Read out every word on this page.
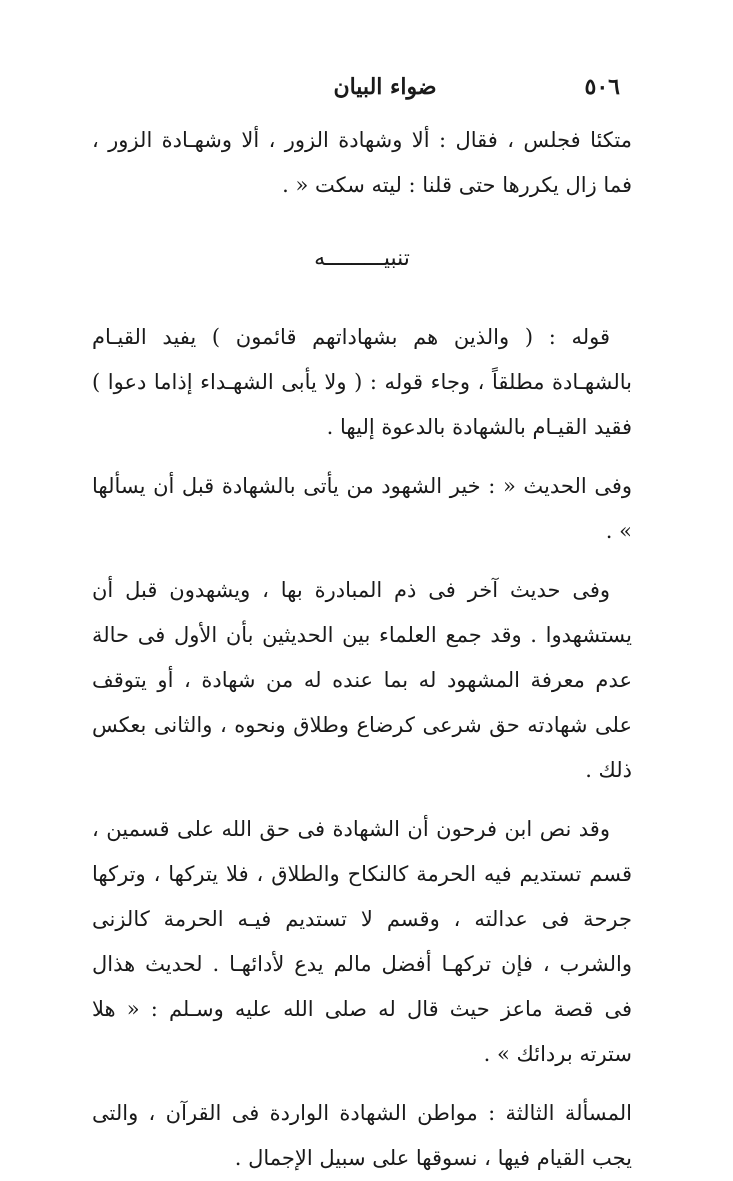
٥٠٦
ضواء البيان

متكئا فجلس ، فقال : ألا وشهادة الزور ، ألا وشهـادة الزور ، فما زال يكررها حتى قلنا : ليته سكت « .

تنبيـــــــــه

قوله : ( والذين هم بشهاداتهم قائمون ) يفيد القيـام بالشهـادة مطلقاً ، وجاء قوله : ( ولا يأبى الشهـداء إذاما دعوا ) فقيد القيـام بالشهادة بالدعوة إليها .

وفى الحديث « : خير الشهود من يأتى بالشهادة قبل أن يسألها » .

وفى حديث آخر فى ذم المبادرة بها ، ويشهدون قبل أن يستشهدوا . وقد جمع العلماء بين الحديثين بأن الأول فى حالة عدم معرفة المشهود له بما عنده له من شهادة ، أو يتوقف على شهادته حق شرعى كرضاع وطلاق ونحوه ، والثانى بعكس ذلك .

وقد نص ابن فرحون أن الشهادة فى حق الله على قسمين ، قسم تستديم فيه الحرمة كالنكاح والطلاق ، فلا يتركها ، وتركها جرحة فى عدالته ، وقسم لا تستديم فيـه الحرمة كالزنى والشرب ، فإن تركهـا أفضل مالم يدع لأدائهـا . لحديث هذال فى قصة ماعز حيث قال له صلى الله عليه وسـلم : « هلا سترته بردائك » .

المسألة الثالثة : مواطن الشهادة الواردة فى القرآن ، والتى يجب القيام فيها ، نسوقها على سبيل الإجمال .
